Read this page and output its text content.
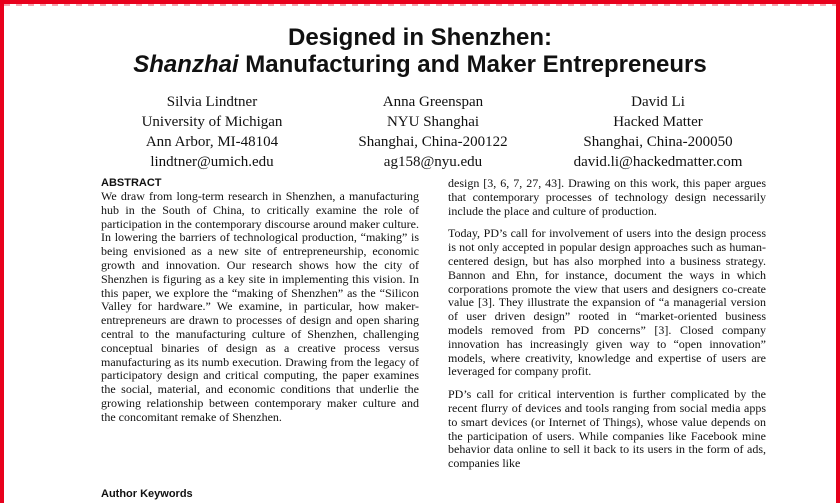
Designed in Shenzhen:
Shanzhai Manufacturing and Maker Entrepreneurs
Silvia Lindtner
University of Michigan
Ann Arbor, MI-48104
lindtner@umich.edu
Anna Greenspan
NYU Shanghai
Shanghai, China-200122
ag158@nyu.edu
David Li
Hacked Matter
Shanghai, China-200050
david.li@hackedmatter.com
ABSTRACT

We draw from long-term research in Shenzhen, a manufacturing hub in the South of China, to critically examine the role of participation in the contemporary discourse around maker culture. In lowering the barriers of technological production, “making” is being envisioned as a new site of entrepreneurship, economic growth and innovation. Our research shows how the city of Shenzhen is figuring as a key site in implementing this vision. In this paper, we explore the “making of Shenzhen” as the “Silicon Valley for hardware.” We examine, in particular, how maker-entrepreneurs are drawn to processes of design and open sharing central to the manufacturing culture of Shenzhen, challenging conceptual binaries of design as a creative process versus manufacturing as its numb execution. Drawing from the legacy of participatory design and critical computing, the paper examines the social, material, and economic conditions that underlie the growing relationship between contemporary maker culture and the concomitant remake of Shenzhen.

Author Keywords

design [3, 6, 7, 27, 43]. Drawing on this work, this paper argues that contemporary processes of technology design necessarily include the place and culture of production.

Today, PD’s call for involvement of users into the design process is not only accepted in popular design approaches such as human-centered design, but has also morphed into a business strategy. Bannon and Ehn, for instance, document the ways in which corporations promote the view that users and designers co-create value [3]. They illustrate the expansion of “a managerial version of user driven design” rooted in “market-oriented business models removed from PD concerns” [3]. Closed company innovation has increasingly given way to “open innovation” models, where creativity, knowledge and expertise of users are leveraged for company profit.

PD’s call for critical intervention is further complicated by the recent flurry of devices and tools ranging from social media apps to smart devices (or Internet of Things), whose value depends on the participation of users. While companies like Facebook mine behavior data online to sell it back to its users in the form of ads, companies like
